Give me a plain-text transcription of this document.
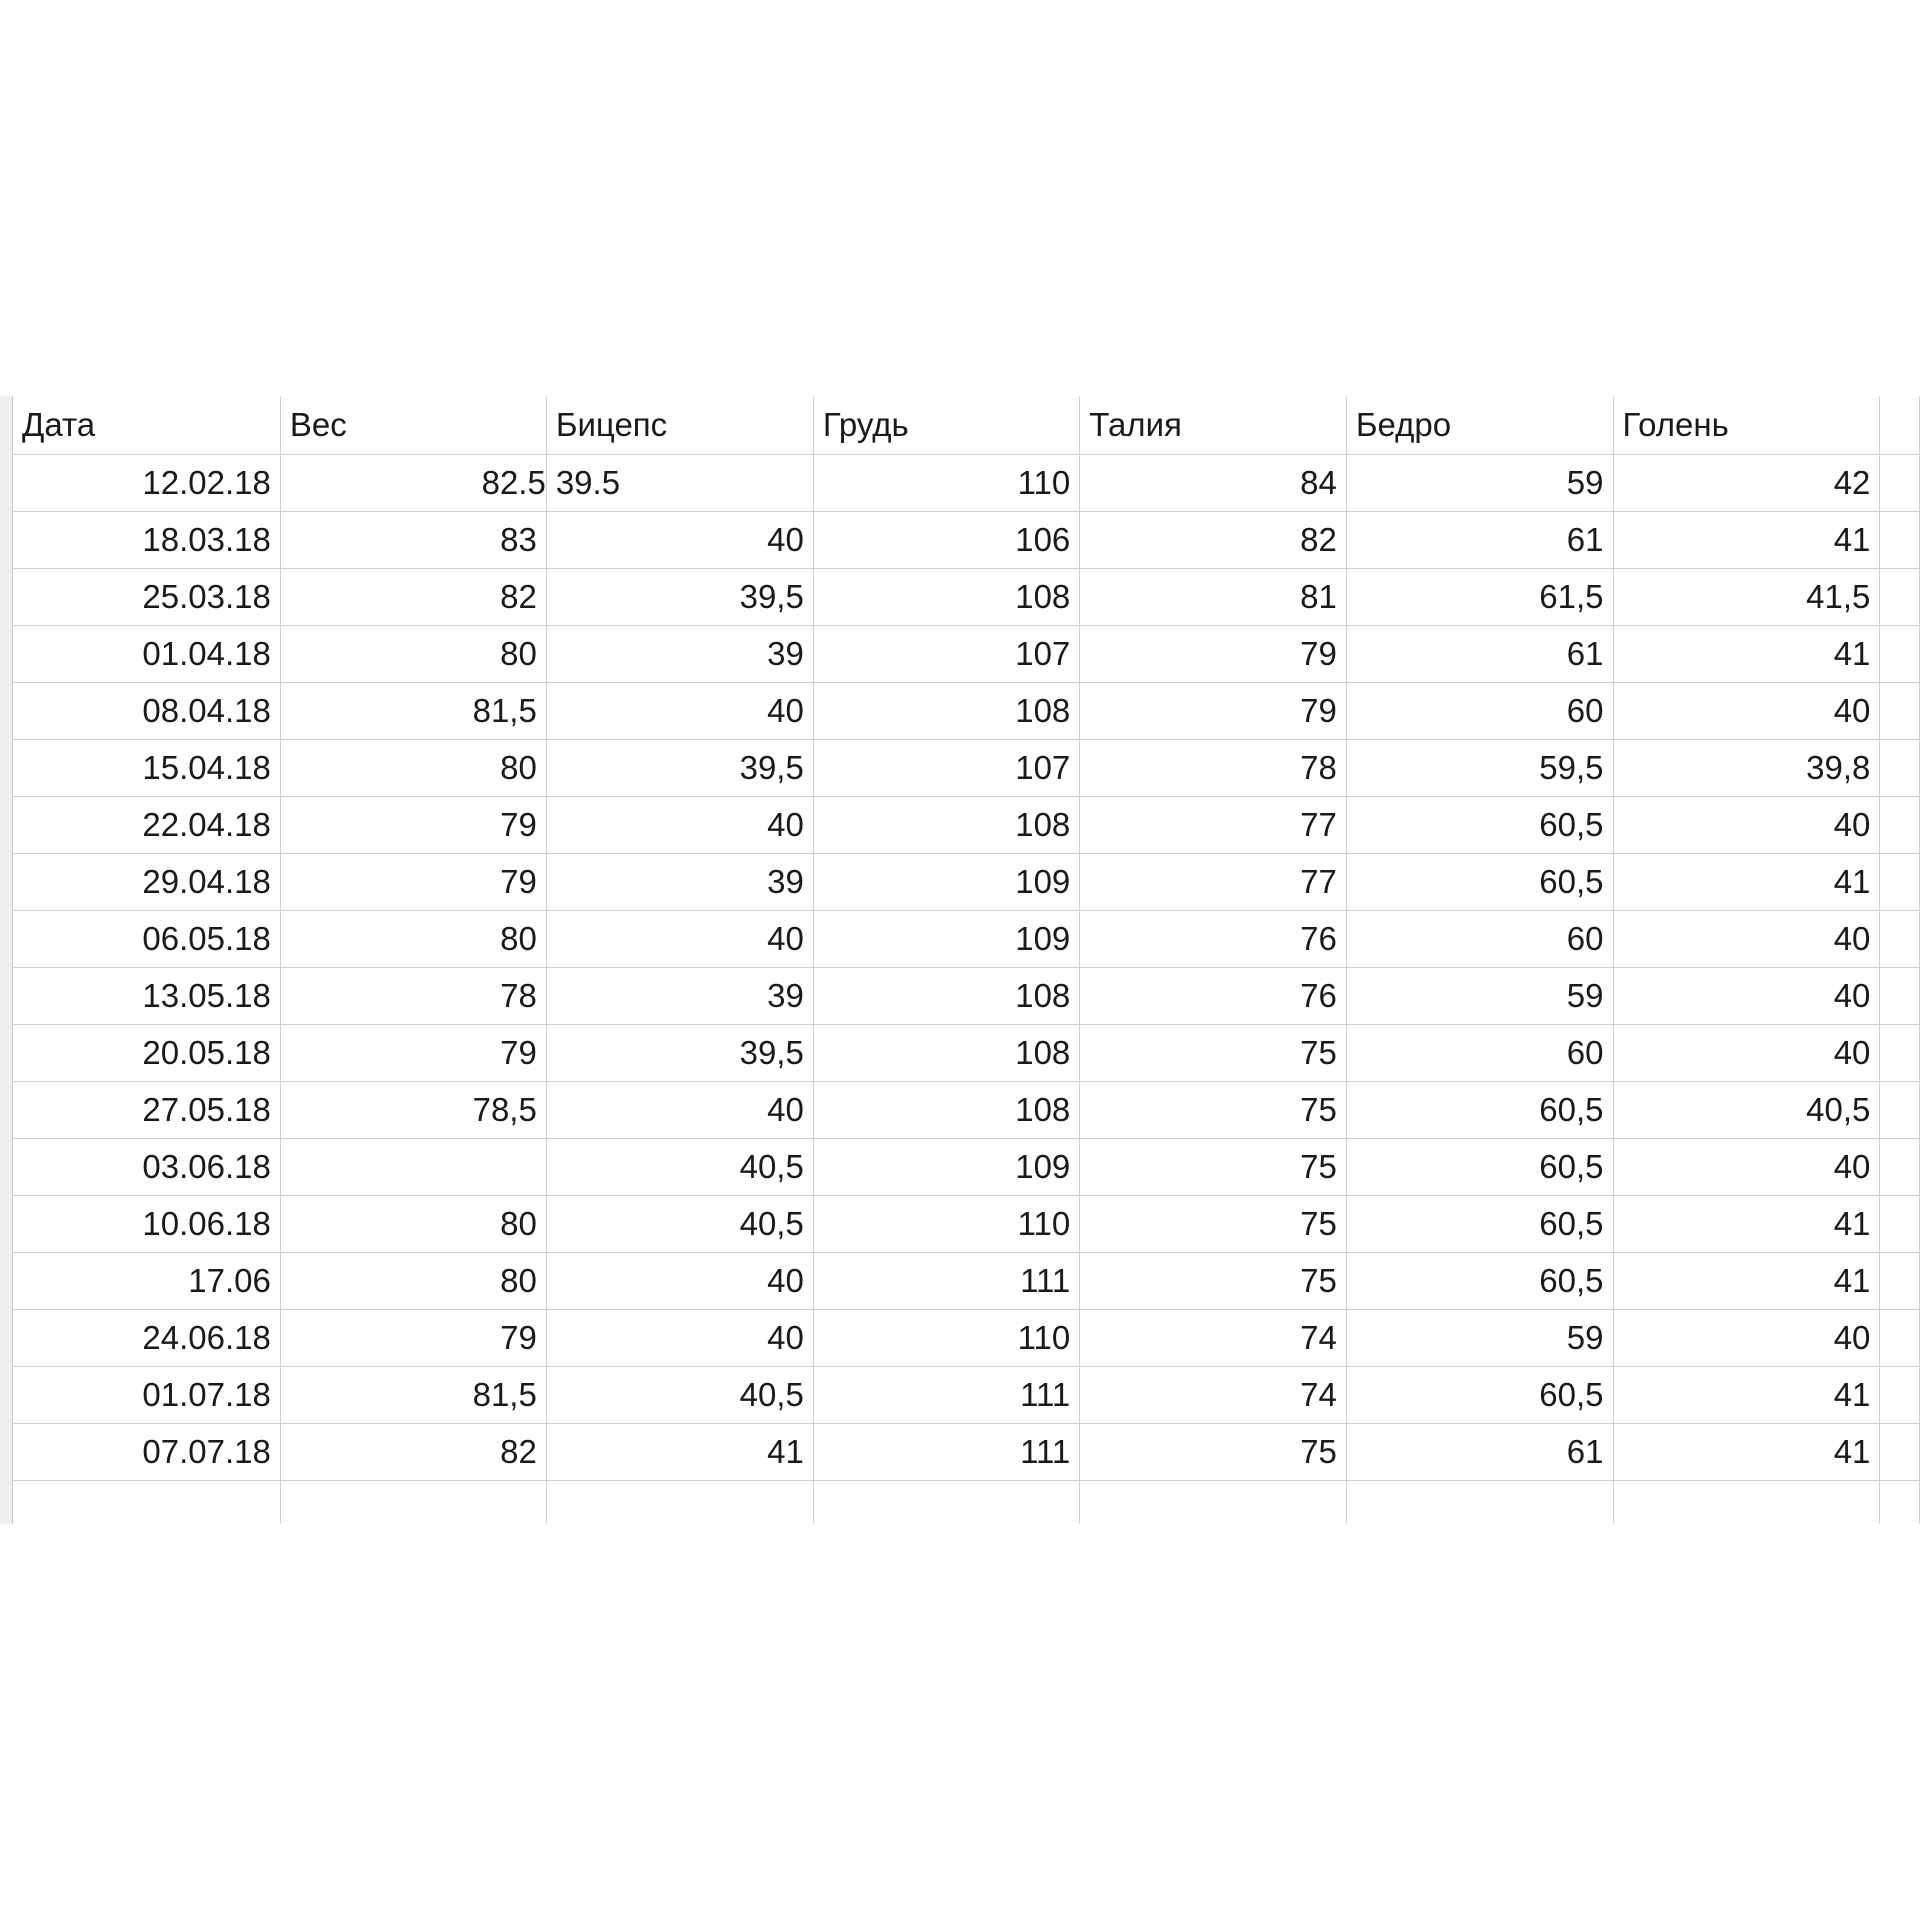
Дата	Вес	Бицепс	Грудь	Талия	Бедро	Голень	
12.02.18	82.5	39.5	110	84	59	42	
18.03.18	83	40	106	82	61	41	
25.03.18	82	39,5	108	81	61,5	41,5	
01.04.18	80	39	107	79	61	41	
08.04.18	81,5	40	108	79	60	40	
15.04.18	80	39,5	107	78	59,5	39,8	
22.04.18	79	40	108	77	60,5	40	
29.04.18	79	39	109	77	60,5	41	
06.05.18	80	40	109	76	60	40	
13.05.18	78	39	108	76	59	40	
20.05.18	79	39,5	108	75	60	40	
27.05.18	78,5	40	108	75	60,5	40,5	
03.06.18		40,5	109	75	60,5	40	
10.06.18	80	40,5	110	75	60,5	41	
17.06	80	40	111	75	60,5	41	
24.06.18	79	40	110	74	59	40	
01.07.18	81,5	40,5	111	74	60,5	41	
07.07.18	82	41	111	75	61	41	
